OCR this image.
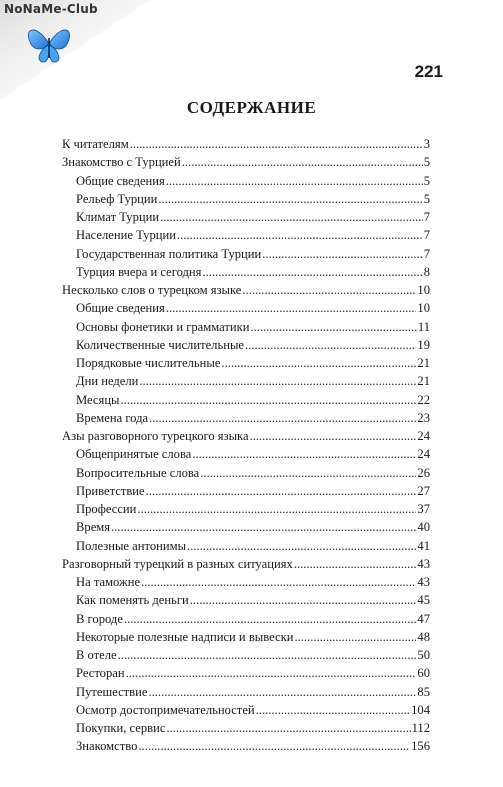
NoNaMe-Club
221
СОДЕРЖАНИЕ
К читателям .....	3
Знакомство с Турцией .....	5
Общие сведения .....	5
Рельеф Турции .....	5
Климат Турции .....	7
Население Турции .....	7
Государственная политика Турции .....	7
Турция вчера и сегодня .....	8
Несколько слов о турецком языке .....	10
Общие сведения .....	10
Основы фонетики и грамматики .....	11
Количественные числительные .....	19
Порядковые числительные .....	21
Дни недели .....	21
Месяцы .....	22
Времена года .....	23
Азы разговорного турецкого языка .....	24
Общепринятые слова .....	24
Вопросительные слова .....	26
Приветствие .....	27
Профессии .....	37
Время .....	40
Полезные антонимы .....	41
Разговорный турецкий в разных ситуациях .....	43
На таможне .....	43
Как поменять деньги .....	45
В городе .....	47
Некоторые полезные надписи и вывески .....	48
В отеле .....	50
Ресторан .....	60
Путешествие .....	85
Осмотр достопримечательностей .....	104
Покупки, сервис .....	112
Знакомство .....	156
